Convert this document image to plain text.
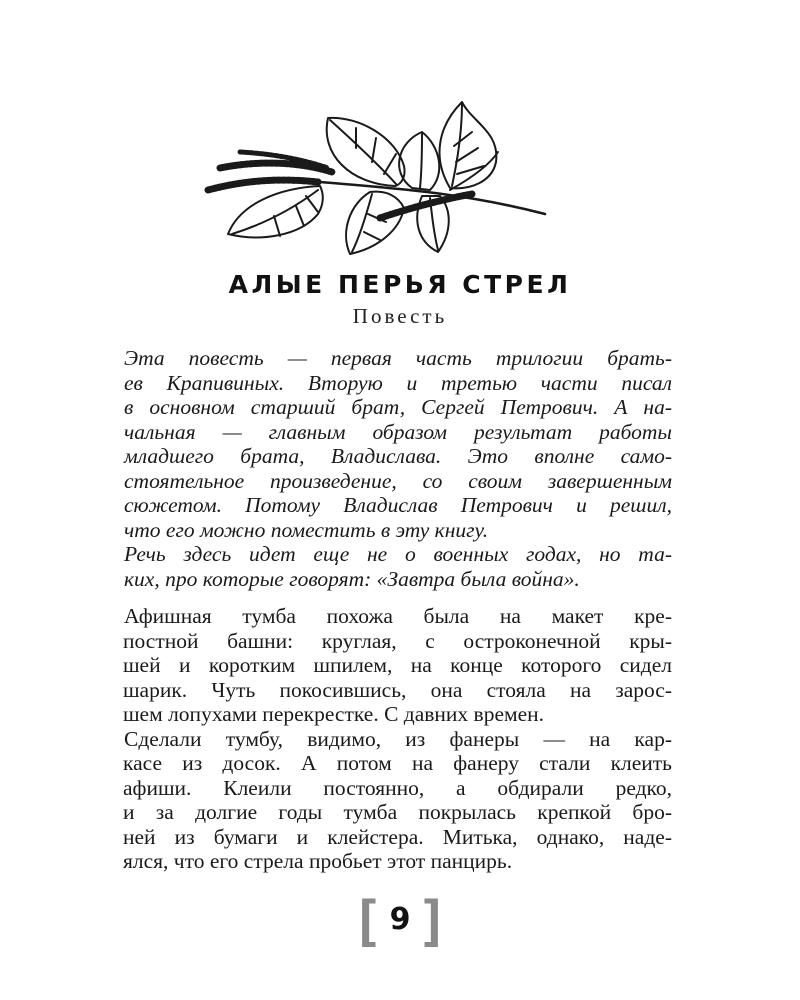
АЛЫЕ ПЕРЬЯ СТРЕЛ
Повесть
Эта повесть — первая часть трилогии брать-
ев Крапивиных. Вторую и третью части писал
в основном старший брат, Сергей Петрович. А на-
чальная — главным образом результат работы
младшего брата, Владислава. Это вполне само-
стоятельное произведение, со своим завершенным
сюжетом. Потому Владислав Петрович и решил,
что его можно поместить в эту книгу.
Речь здесь идет еще не о военных годах, но та-
ких, про которые говорят: «Завтра была война».
Афишная тумба похожа была на макет кре-
постной башни: круглая, с остроконечной кры-
шей и коротким шпилем, на конце которого сидел
шарик. Чуть покосившись, она стояла на зарос-
шем лопухами перекрестке. С давних времен.
Сделали тумбу, видимо, из фанеры — на кар-
касе из досок. А потом на фанеру стали клеить
афиши. Клеили постоянно, а обдирали редко,
и за долгие годы тумба покрылась крепкой бро-
ней из бумаги и клейстера. Митька, однако, наде-
ялся, что его стрела пробьет этот панцирь.
[ 9 ]
